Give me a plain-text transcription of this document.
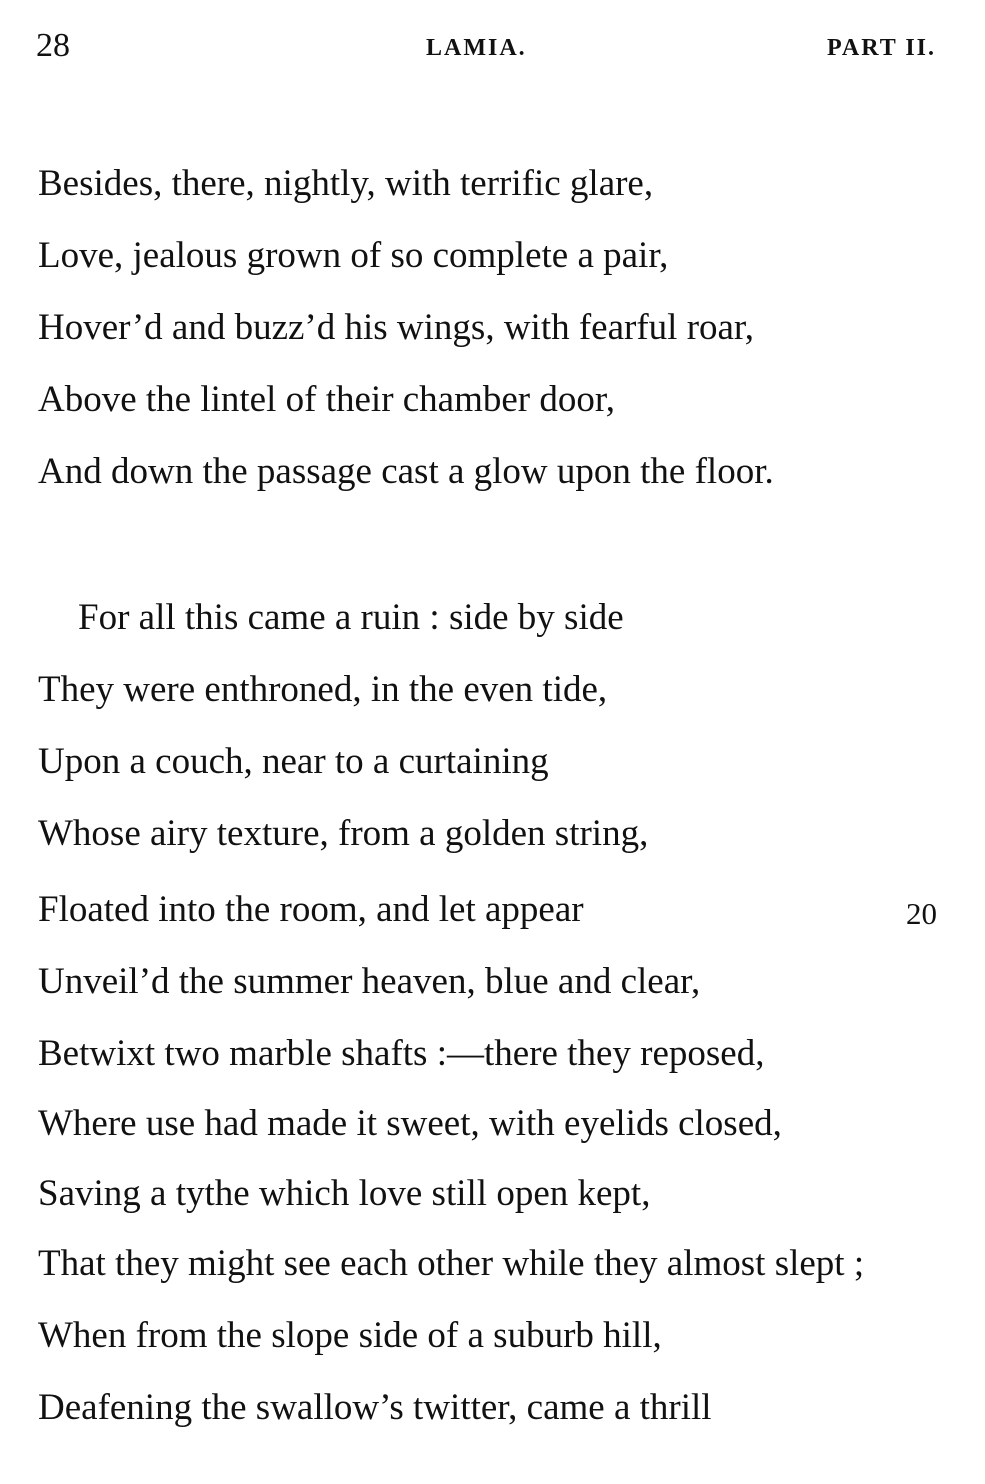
28	LAMIA.	PART II.
Besides, there, nightly, with terrific glare,
Love, jealous grown of so complete a pair,
Hover’d and buzz’d his wings, with fearful roar,
Above the lintel of their chamber door,
And down the passage cast a glow upon the floor.
For all this came a ruin : side by side
They were enthroned, in the even tide,
Upon a couch, near to a curtaining
Whose airy texture, from a golden string,
Floated into the room, and let appear
Unveil’d the summer heaven, blue and clear,
Betwixt two marble shafts :—there they reposed,
Where use had made it sweet, with eyelids closed,
Saving a tythe which love still open kept,
That they might see each other while they almost slept ;
When from the slope side of a suburb hill,
Deafening the swallow’s twitter, came a thrill
20
